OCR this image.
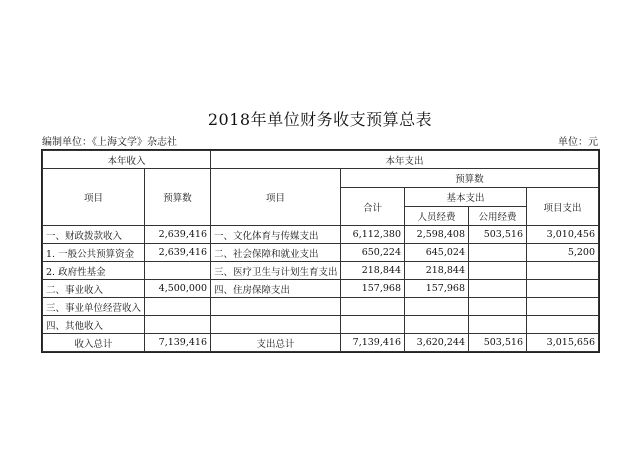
2018年单位财务收支预算总表
编制单位：《上海文学》杂志社	单位：元
本年收入		本年支出				
项目	预算数	项目	预算数			
			合计	基本支出		项目支出
				人员经费	公用经费	
一、财政拨款收入	2,639,416	一、文化体育与传媒支出	6,112,380	2,598,408	503,516	3,010,456
1. 一般公共预算资金	2,639,416	二、社会保障和就业支出	650,224	645,024		5,200
2. 政府性基金		三、医疗卫生与计划生育支出	218,844	218,844		
二、事业收入	4,500,000	四、住房保障支出	157,968	157,968		
三、事业单位经营收入						
四、其他收入						
收入总计	7,139,416	支出总计	7,139,416	3,620,244	503,516	3,015,656
